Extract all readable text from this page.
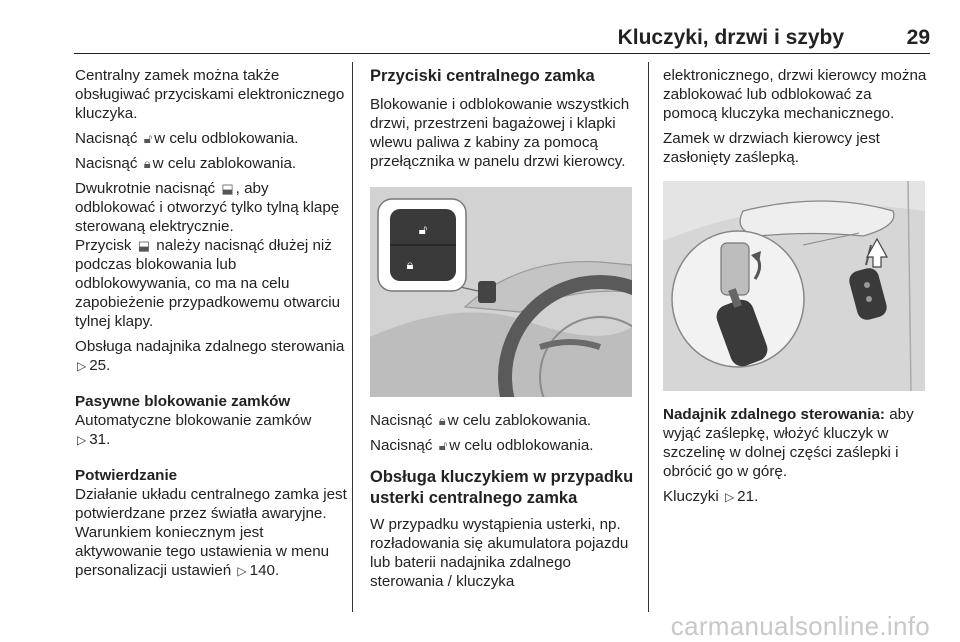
Kluczyki, drzwi i szyby	29

Centralny zamek można także obsługiwać przyciskami elektronicznego kluczyka.

Nacisnąć 🔓︎ w celu odblokowania.

Nacisnąć 🔒︎ w celu zablokowania.

Dwukrotnie nacisnąć ⬓ , aby odblokować i otworzyć tylko tylną klapę sterowaną elektrycznie.
Przycisk ⬓ należy nacisnąć dłużej niż podczas blokowania lub odblokowywania, co ma na celu zapobieżenie przypadkowemu otwarciu tylnej klapy.

Obsługa nadajnika zdalnego sterowania ▷ 25.

Pasywne blokowanie zamków

Automatyczne blokowanie zamków
▷ 31.

Potwierdzanie

Działanie układu centralnego zamka jest potwierdzane przez światła awaryjne. Warunkiem koniecznym jest aktywowanie tego ustawienia w menu personalizacji ustawień ▷ 140.

Przyciski centralnego zamka

Blokowanie i odblokowanie wszystkich drzwi, przestrzeni bagażowej i klapki wlewu paliwa z kabiny za pomocą przełącznika w panelu drzwi kierowcy.

🔓︎
🔒︎

Nacisnąć 🔒︎ w celu zablokowania.

Nacisnąć 🔓︎ w celu odblokowania.

Obsługa kluczykiem w przypadku usterki centralnego zamka

W przypadku wystąpienia usterki, np. rozładowania się akumulatora pojazdu lub baterii nadajnika zdalnego sterowania / kluczyka

elektronicznego, drzwi kierowcy można zablokować lub odblokować za pomocą kluczyka mechanicznego.

Zamek w drzwiach kierowcy jest zasłonięty zaślepką.

Nadajnik zdalnego sterowania: aby wyjąć zaślepkę, włożyć kluczyk w szczelinę w dolnej części zaślepki i obrócić go w górę.

Kluczyki ▷ 21.

carmanualsonline.info
